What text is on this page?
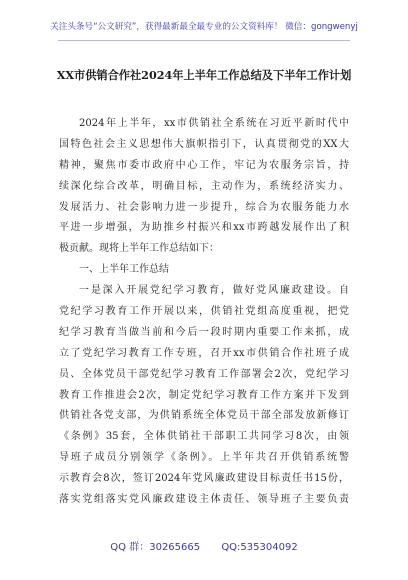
关注头条号“公文研究”，获得最新最全最专业的公文资料库！ 微信：gongwenyj
XX市供销合作社2024年上半年工作总结及下半年工作计划

2024年上半年，xx市供销社全系统在习近平新时代中
国特色社会主义思想伟大旗帜指引下，认真贯彻党的XX大
精神，聚焦市委市政府中心工作，牢记为农服务宗旨，持
续深化综合改革，明确目标，主动作为，系统经济实力、
发展活力、社会影响力进一步提升，综合为农服务能力水
平进一步增强，为助推乡村振兴和xx市跨越发展作出了积
极贡献。现将上半年工作总结如下：

一、上半年工作总结

一是深入开展党纪学习教育，做好党风廉政建设。自
党纪学习教育工作开展以来，供销社党组高度重视，把党
纪学习教育当做当前和今后一段时期内重要工作来抓，成
立了党纪学习教育工作专班，召开xx市供销合作社班子成
员、全体党员干部党纪学习教育工作部署会2次，党纪学习
教育工作推进会2次，制定党纪学习教育工作方案并下发到
供销社各党支部，为供销系统全体党员干部全部发放新修订
《条例》35套，全体供销社干部职工共同学习8次，由领
导班子成员分别领学《条例》。上半年共召开供销系统警
示教育会8次，签订2024年党风廉政建设目标责任书15份，
落实党组落实党风廉政建设主体责任、领导班子主要负责

QQ 群：30265665 QQ:535304092
